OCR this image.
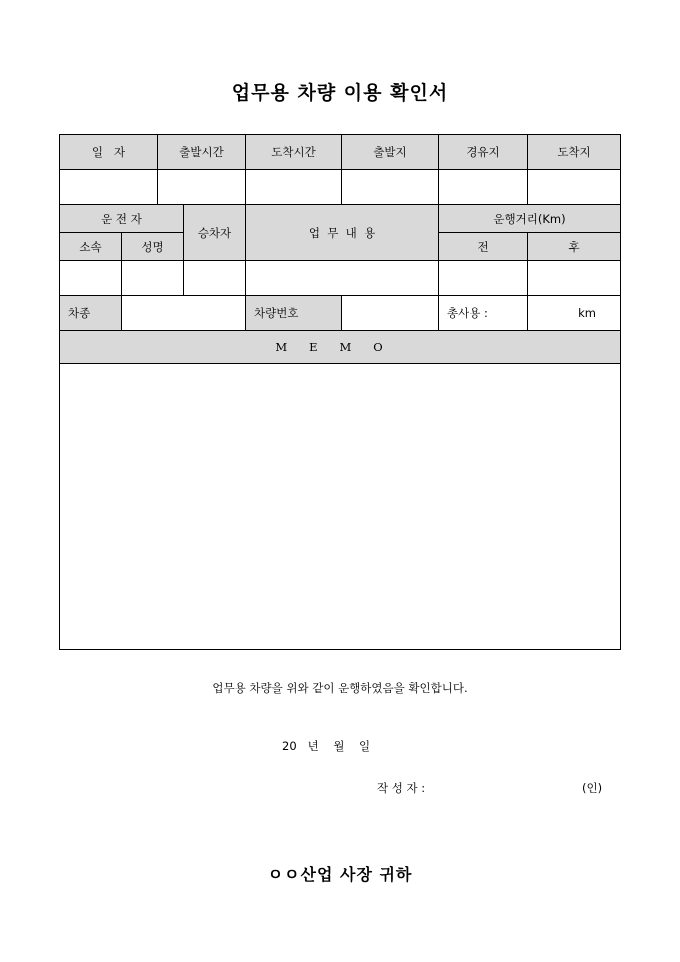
업무용 차량 이용 확인서
일   자		출발시간		도착시간	출발지	경유지	도착지

운 전 자			승차자	업  무  내  용		운행거리(Km)	
소속	성명					전	후

차종				차량번호		총사용 :	km
MEMO							

업무용 차량을 위와 같이 운행하였음을 확인합니다.
20   년    월    일
작 성 자 :	(인)
ㅇㅇ산업 사장 귀하
